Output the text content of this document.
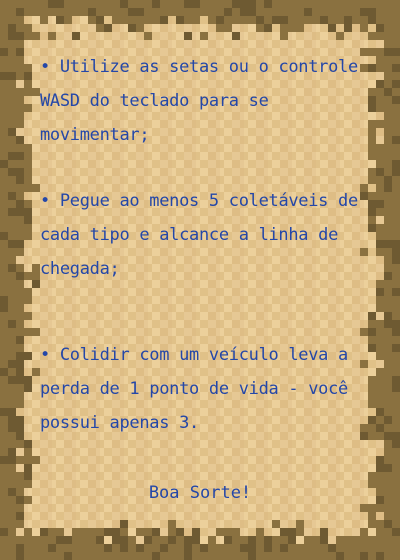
• Utilize as setas ou o controle WASD do teclado para se movimentar;

• Pegue ao menos 5 coletáveis de cada tipo e alcance a linha de chegada;

• Colidir com um veículo leva a perda de 1 ponto de vida - você possui apenas 3.

Boa Sorte!
